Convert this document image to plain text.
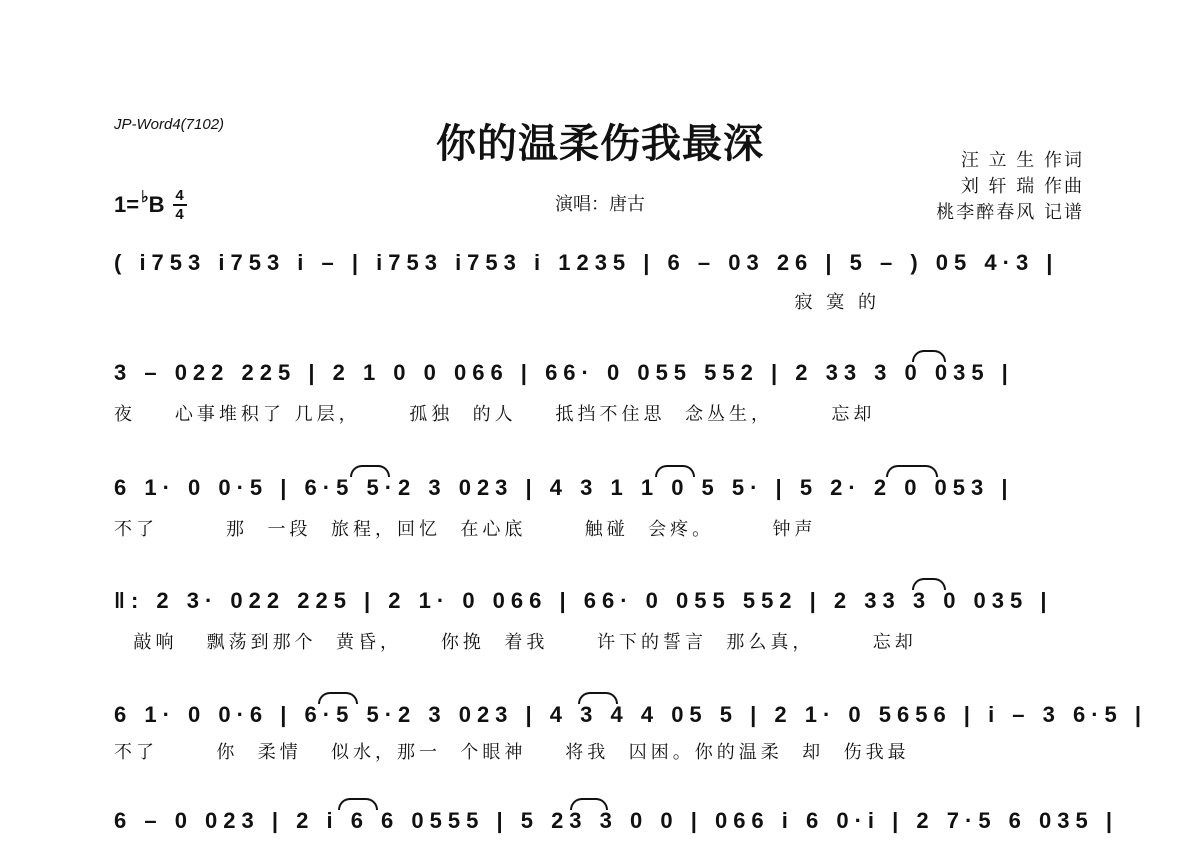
JP-Word4(7102)	你的温柔伤我最深	汪 立 生 作词
刘 轩 瑞 作曲
桃李醉春风 记谱
演唱：唐古
1= ♭ B 4
4
( i753 i753 i – | i753 i753 i 1235 | 6 – 03 26 | 5 – ) 05 4·3 |
寂 寞 的
3 – 022 225 | 2 1 0 0 066 | 66· 0 055 552 | 2 33 3 0 035 |
夜    心事堆积了 几层，     孤独  的人    抵挡不住思  念丛生，      忘却
6 1· 0 0·5 | 6·5 5·2 3 023 | 4 3 1 1 0 5 5· | 5 2· 2 0 053 |
不了       那  一段  旅程，回忆  在心底      触碰  会疼。      钟声
‖: 2 3· 022 225 | 2 1· 0 066 | 66· 0 055 552 | 2 33 3 0 035 |
敲响   飘荡到那个  黄昏，    你挽  着我     许下的誓言  那么真，      忘却
6 1· 0 0·6 | 6·5 5·2 3 023 | 4 3 4 4 05 5 | 2 1· 0 5656 | i – 3 6·5 |
不了      你  柔情   似水，那一  个眼神    将我  囚困。你的温柔  却  伤我最
6 – 0 023 | 2 i 6 6 0555 | 5 23 3 0 0 | 066 i 6 0·i | 2 7·5 6 035 |
